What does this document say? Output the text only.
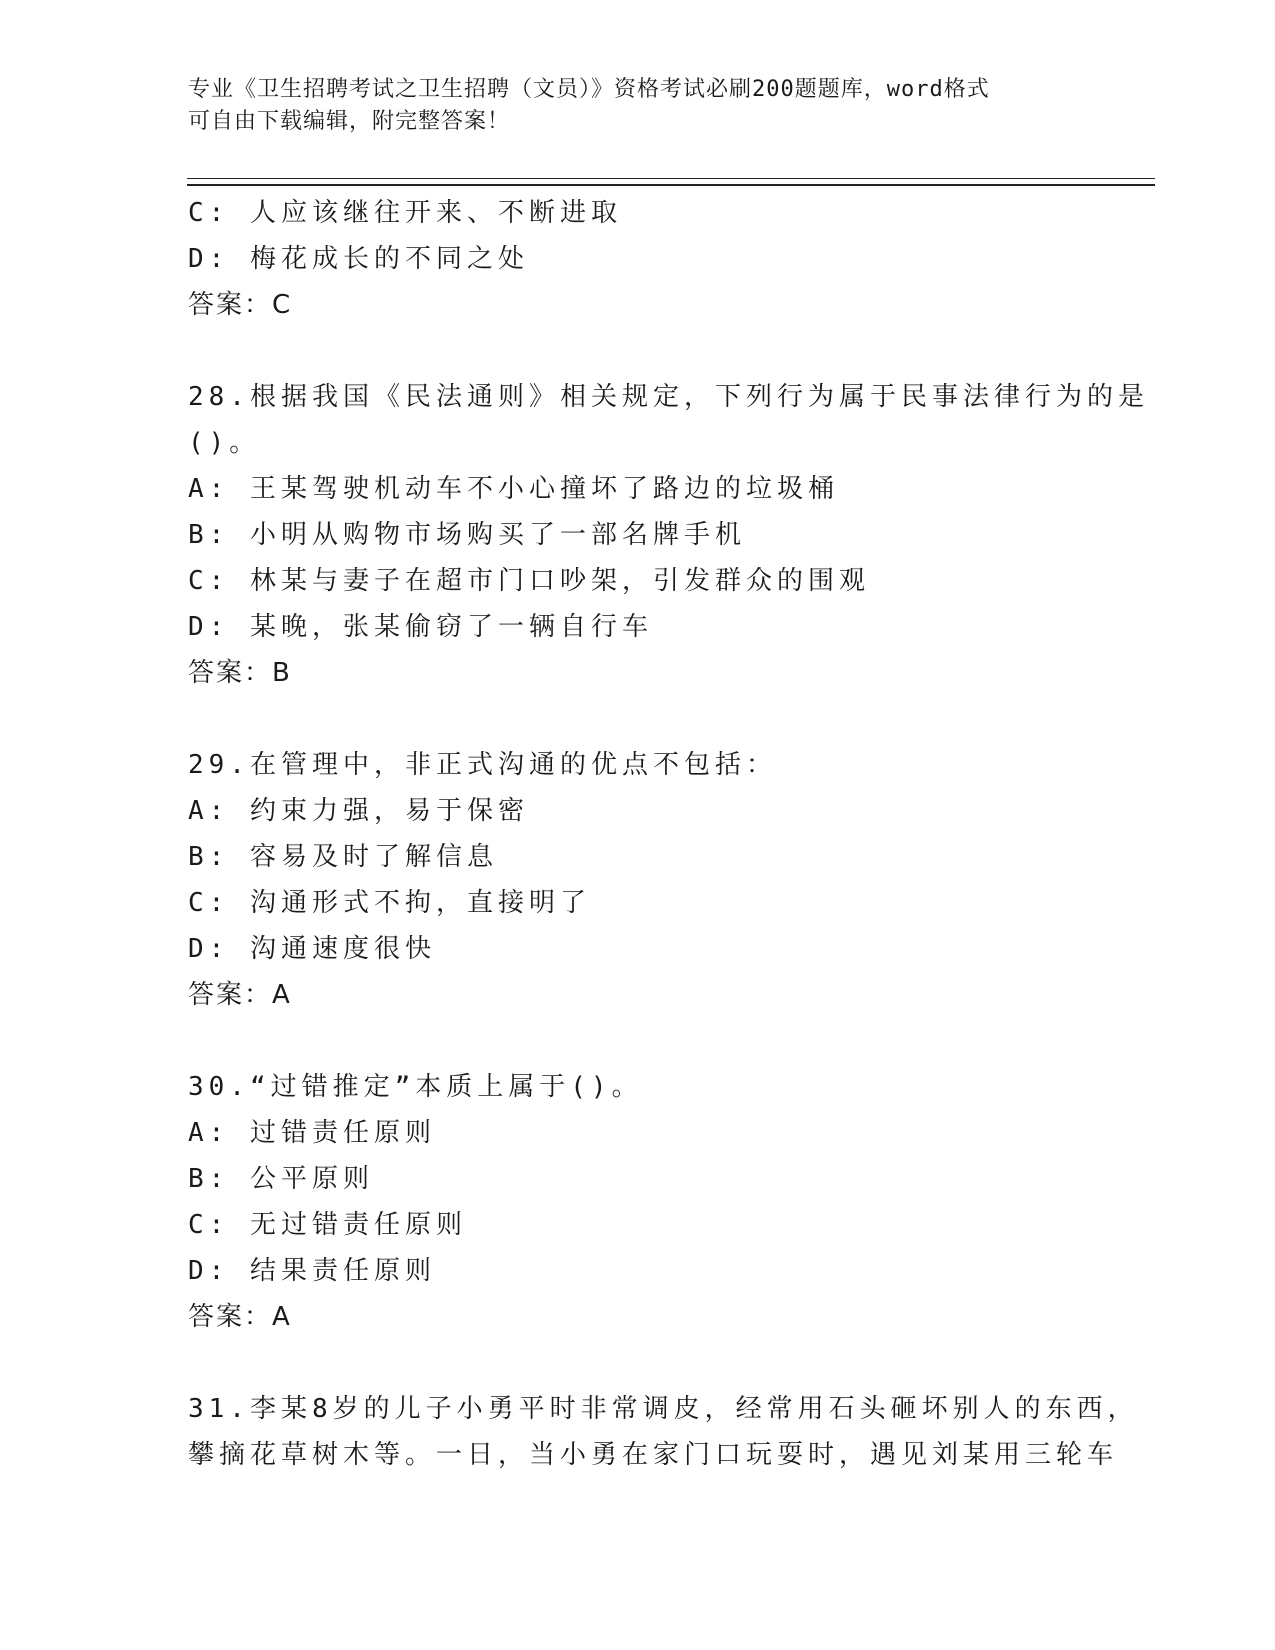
专业《卫生招聘考试之卫生招聘（文员）》资格考试必刷200题题库，word格式
可自由下载编辑，附完整答案！
C: 人应该继往开来、不断进取
D: 梅花成长的不同之处
答案：C
28.根据我国《民法通则》相关规定，下列行为属于民事法律行为的是
()。
A: 王某驾驶机动车不小心撞坏了路边的垃圾桶
B: 小明从购物市场购买了一部名牌手机
C: 林某与妻子在超市门口吵架，引发群众的围观
D: 某晚，张某偷窃了一辆自行车
答案：B
29.在管理中，非正式沟通的优点不包括：
A: 约束力强，易于保密
B: 容易及时了解信息
C: 沟通形式不拘，直接明了
D: 沟通速度很快
答案：A
30.“过错推定”本质上属于()。
A: 过错责任原则
B: 公平原则
C: 无过错责任原则
D: 结果责任原则
答案：A
31.李某8岁的儿子小勇平时非常调皮，经常用石头砸坏别人的东西，
攀摘花草树木等。一日，当小勇在家门口玩耍时，遇见刘某用三轮车
